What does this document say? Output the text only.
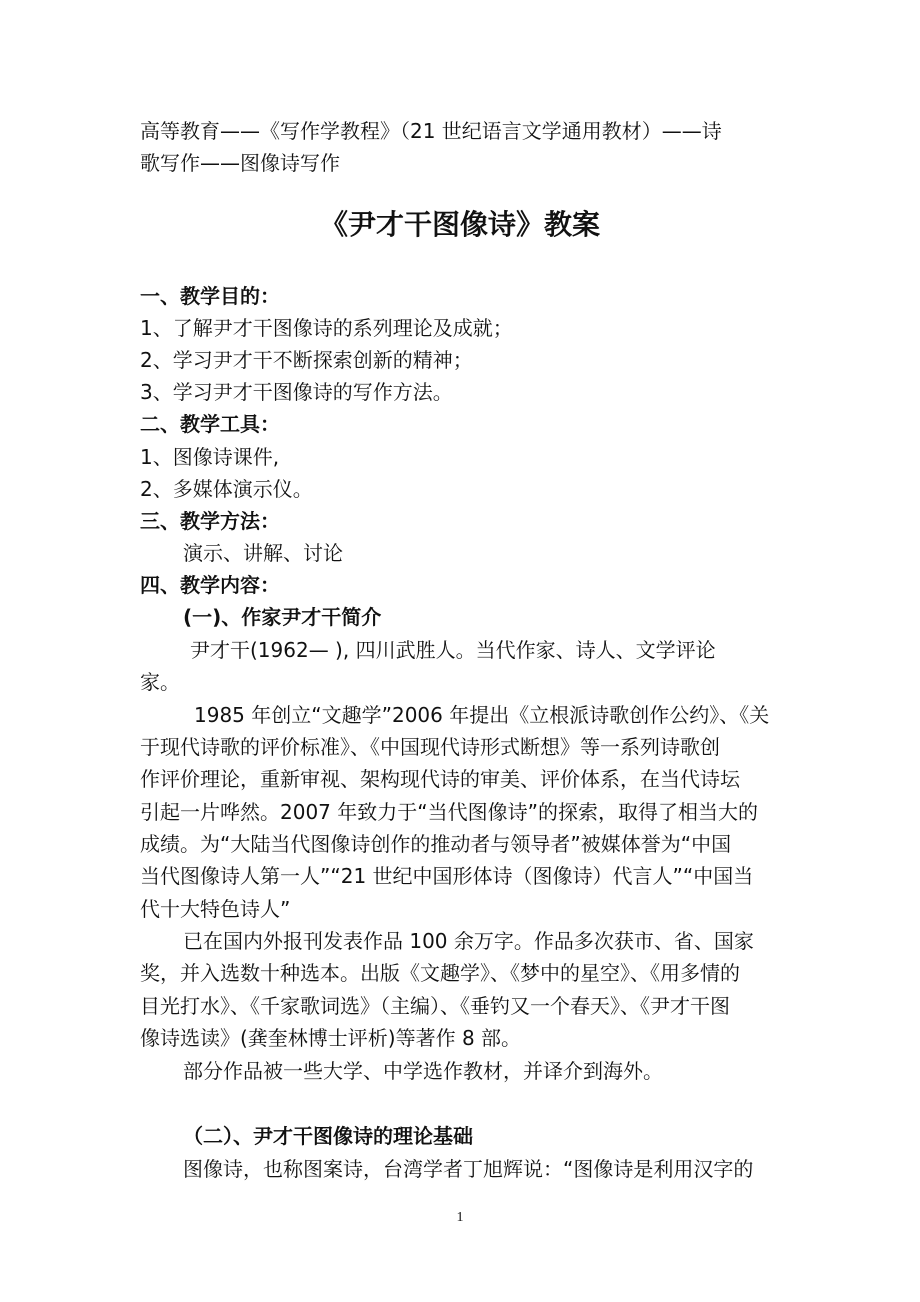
高等教育——《写作学教程》（21 世纪语言文学通用教材）——诗
歌写作——图像诗写作
《尹才干图像诗》教案
一、教学目的：
1、了解尹才干图像诗的系列理论及成就；
2、学习尹才干不断探索创新的精神；
3、学习尹才干图像诗的写作方法。
二、教学工具：
1、图像诗课件,
2、多媒体演示仪。
三、教学方法：
演示、讲解、讨论
四、教学内容：
(一)、作家尹才干简介
尹才干(1962— ), 四川武胜人。当代作家、诗人、文学评论
家。
1985 年创立“文趣学”2006 年提出《立根派诗歌创作公约》、《关
于现代诗歌的评价标准》、《中国现代诗形式断想》等一系列诗歌创
作评价理论，重新审视、架构现代诗的审美、评价体系，在当代诗坛
引起一片哗然。2007 年致力于“当代图像诗”的探索，取得了相当大的
成绩。为“大陆当代图像诗创作的推动者与领导者”被媒体誉为“中国
当代图像诗人第一人”“21 世纪中国形体诗（图像诗）代言人”“中国当
代十大特色诗人”
已在国内外报刊发表作品 100 余万字。作品多次获市、省、国家
奖，并入选数十种选本。出版《文趣学》、《梦中的星空》、《用多情的
目光打水》、《千家歌词选》（主编）、《垂钓又一个春天》、《尹才干图
像诗选读》(龚奎林博士评析)等著作 8 部。
部分作品被一些大学、中学选作教材，并译介到海外。
（二）、尹才干图像诗的理论基础
图像诗，也称图案诗，台湾学者丁旭辉说：“图像诗是利用汉字的
1
